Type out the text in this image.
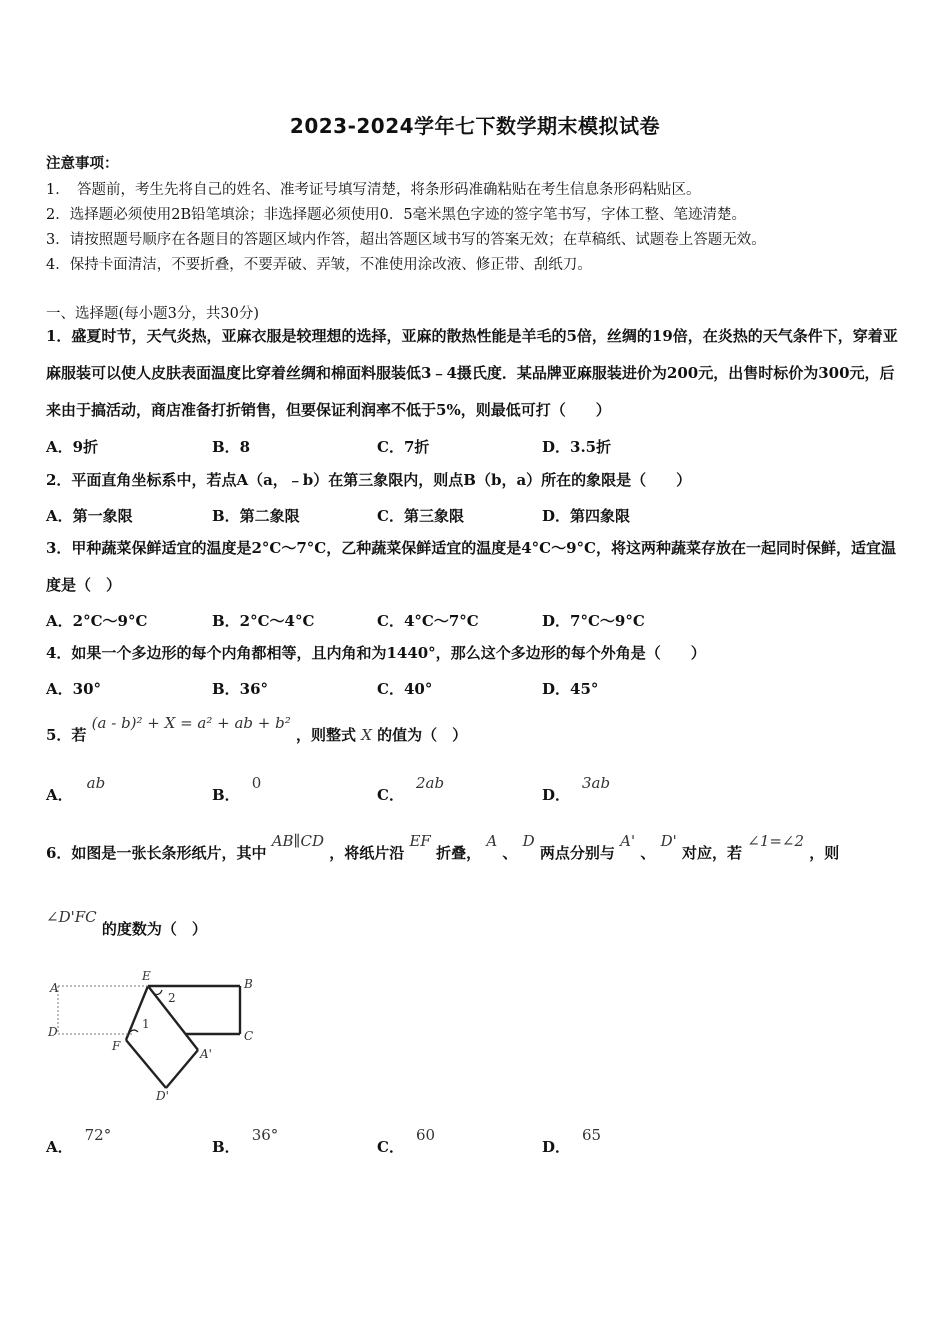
2023-2024学年七下数学期末模拟试卷
注意事项：
1．　答题前，考生先将自己的姓名、准考证号填写清楚，将条形码准确粘贴在考生信息条形码粘贴区。
2．选择题必须使用2B铅笔填涂；非选择题必须使用0．5毫米黑色字迹的签字笔书写，字体工整、笔迹清楚。
3．请按照题号顺序在各题目的答题区域内作答，超出答题区域书写的答案无效；在草稿纸、试题卷上答题无效。
4．保持卡面清洁，不要折叠，不要弄破、弄皱，不准使用涂改液、修正带、刮纸刀。
一、选择题(每小题3分，共30分)
1．盛夏时节，天气炎热，亚麻衣服是较理想的选择，亚麻的散热性能是羊毛的5倍，丝绸的19倍，在炎热的天气条件下，穿着亚麻服装可以使人皮肤表面温度比穿着丝绸和棉面料服装低3﹣4摄氏度．某品牌亚麻服装进价为200元，出售时标价为300元，后来由于搞活动，商店准备打折销售，但要保证利润率不低于5%，则最低可打（　　）
A．9折	B．8	C．7折	D．3.5折
2．平面直角坐标系中，若点A（a，﹣b）在第三象限内，则点B（b，a）所在的象限是（　　）
A．第一象限	B．第二象限	C．第三象限	D．第四象限
3．甲种蔬菜保鲜适宜的温度是2°C～7°C，乙种蔬菜保鲜适宜的温度是4°C～9°C，将这两种蔬菜存放在一起同时保鲜，适宜温度是（　）
A．2°C～9°C	B．2°C～4°C	C．4°C～7°C	D．7°C～9°C
4．如果一个多边形的每个内角都相等，且内角和为1440°，那么这个多边形的每个外角是（　　）
A．30°	B．36°	C．40°	D．45°
5．若 (a - b)² + X = a² + ab + b² ，则整式 X 的值为（　）
A．ab
B．0
C．2ab
D．3ab
6．如图是一张长条形纸片，其中 AB∥CD ，将纸片沿 EF 折叠， A 、 D 两点分别与 A' 、 D' 对应，若 ∠1=∠2 ，则
∠D'FC 的度数为（　）
A
E
B
D	C
F
A'
D'
1
2
A．72°
B．36°
C．60
D．65
